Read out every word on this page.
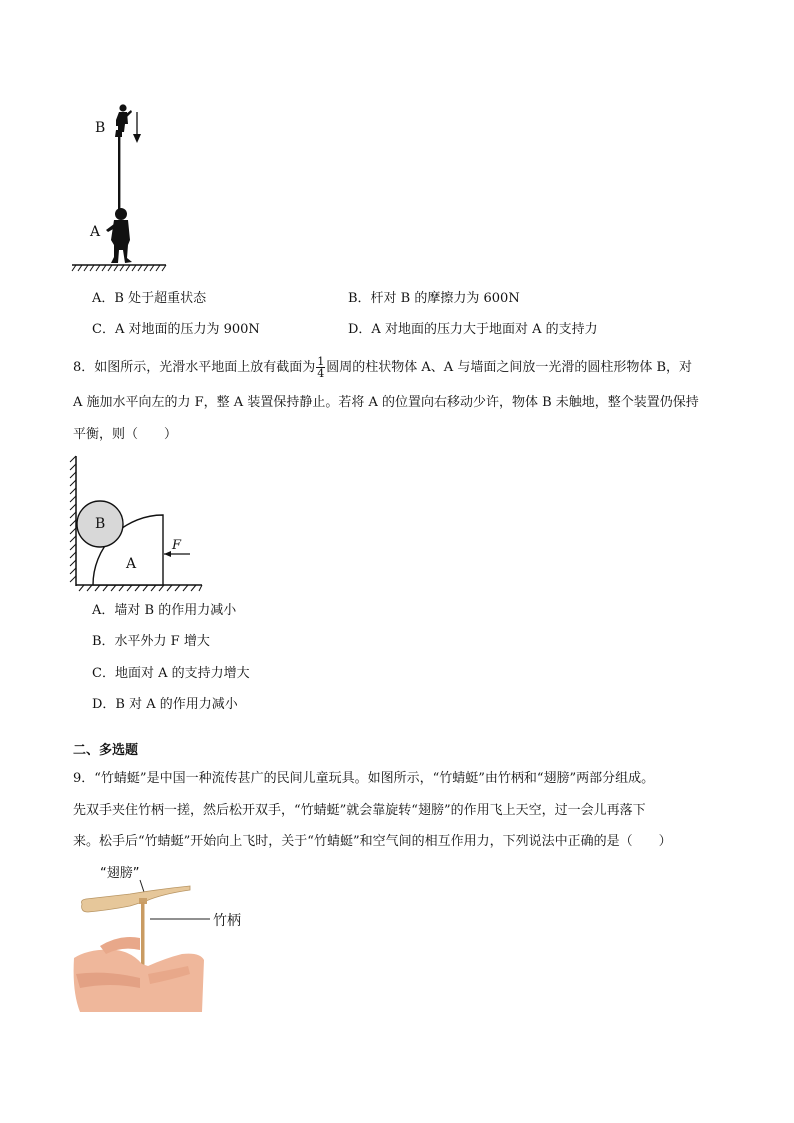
B
A
A．B 处于超重状态	B．杆对 B 的摩擦力为 600N
C．A 对地面的压力为 900N	D．A 对地面的压力大于地面对 A 的支持力
8．如图所示，光滑水平地面上放有截面为 $\frac{1}{4}$ 圆周的柱状物体 A、A 与墙面之间放一光滑的圆柱形物体 B，对
A 施加水平向左的力 F，整 A 装置保持静止。若将 A 的位置向右移动少许，物体 B 未触地，整个装置仍保持
平衡，则（　　）
B
A
F
A．墙对 B 的作用力减小
B．水平外力 F 增大
C．地面对 A 的支持力增大
D．B 对 A 的作用力减小
二、多选题
9．“竹蜻蜓”是中国一种流传甚广的民间儿童玩具。如图所示，“竹蜻蜓”由竹柄和“翅膀”两部分组成。
先双手夹住竹柄一搓，然后松开双手，“竹蜻蜓”就会靠旋转“翅膀”的作用飞上天空，过一会儿再落下
来。松手后“竹蜻蜓”开始向上飞时，关于“竹蜻蜓”和空气间的相互作用力，下列说法中正确的是（　　）
“翅膀”
竹柄
